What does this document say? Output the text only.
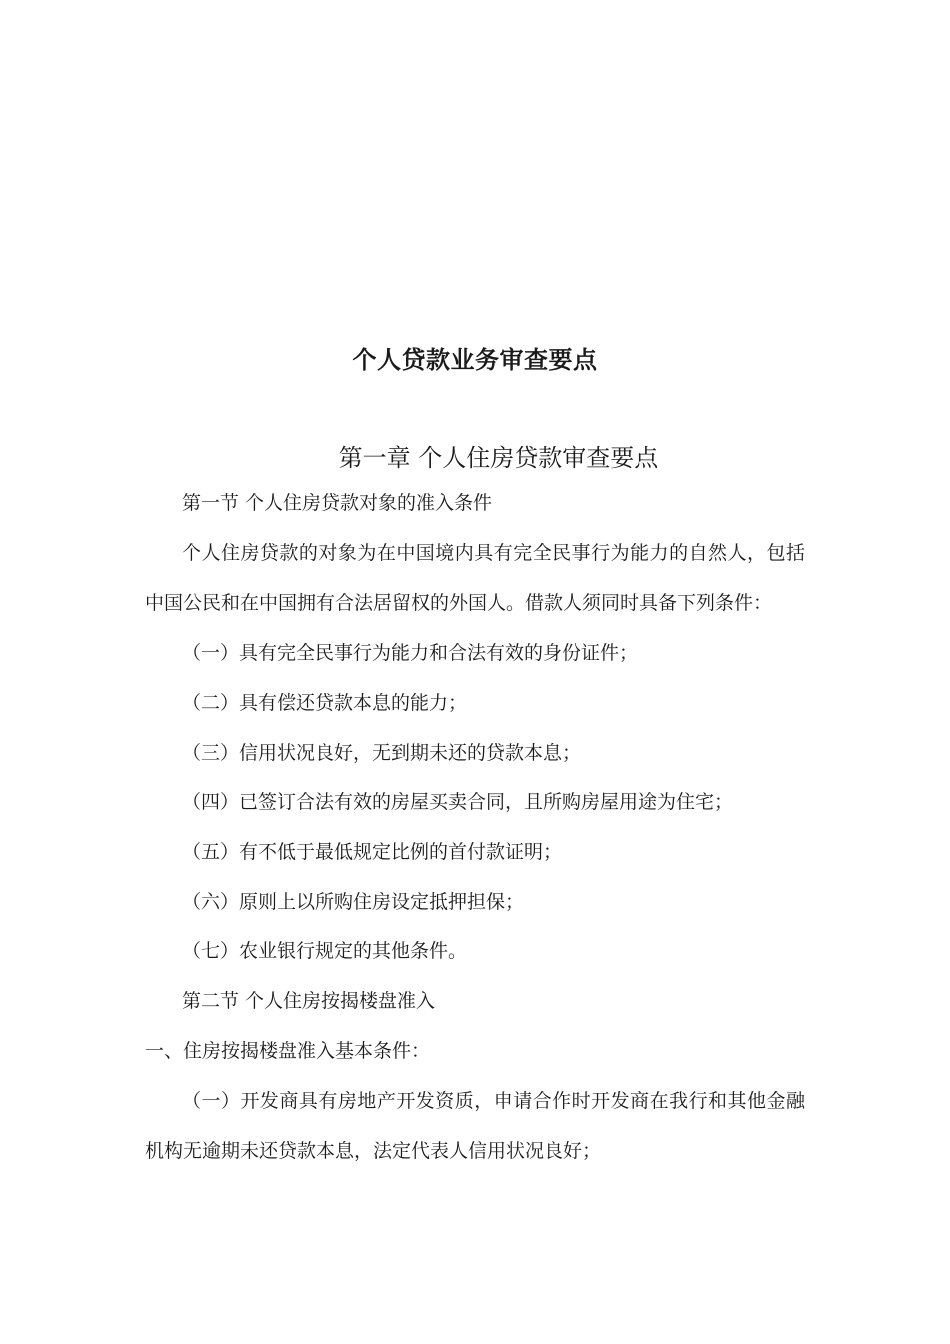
个人贷款业务审查要点
第一章 个人住房贷款审查要点
第一节 个人住房贷款对象的准入条件
个人住房贷款的对象为在中国境内具有完全民事行为能力的自然人，包括
中国公民和在中国拥有合法居留权的外国人。借款人须同时具备下列条件：
（一）具有完全民事行为能力和合法有效的身份证件；
（二）具有偿还贷款本息的能力；
（三）信用状况良好，无到期未还的贷款本息；
（四）已签订合法有效的房屋买卖合同，且所购房屋用途为住宅；
（五）有不低于最低规定比例的首付款证明；
（六）原则上以所购住房设定抵押担保；
（七）农业银行规定的其他条件。
第二节 个人住房按揭楼盘准入
一、住房按揭楼盘准入基本条件：
（一）开发商具有房地产开发资质，申请合作时开发商在我行和其他金融
机构无逾期未还贷款本息，法定代表人信用状况良好；
